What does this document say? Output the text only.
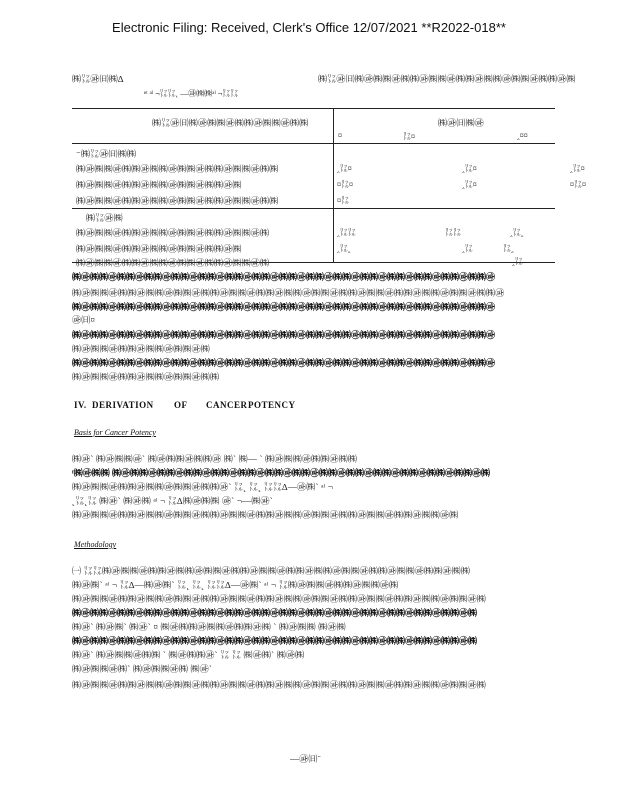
Electronic Filing: Received, Clerk's Office 12/07/2021 **R2022-018**
㈱㍑㉺㈰㈱∆
ᵉᵗ ᵃˡ ¬㍑㍑˛ —㉺㈱㈱ᵃˡ ¬㍑㍑
㈱㍑㉺㈰㈱㉺㈱㈱㉺㈱㈱㉺㈱㈱㉺㈱㈱㉺㈱㈱㉺㈱㈱㉺㈱㈱㉺㈱
㈱㍑㉺㈰㈱㉺㈱㈱㉺㈱㈱㉺㈱㈱㉺㈱㈱	㈱㉺㈰㈱㉺
¤	㍑¤	‸¤¤
⁻㈱㍑㉺㈰㈱㈱
㈱㉺㈱㈱㉺㈱㈱㉺㈱㈱㉺㈱㈱㉺㈱㈱㉺㈱㈱㉺㈱㈱	‸㍑¤	‸㍑¤	‸㍑¤
㈱㉺㈱㈱㉺㈱㈱㉺㈱㈱㉺㈱㈱㉺㈱㈱㉺㈱	¤㍑¤	‸㍑¤	¤㍑¤
㈱㉺㈱㈱㉺㈱㈱㉺㈱㈱㉺㈱㈱㉺㈱㈱㉺㈱㈱㉺㈱㈱	¤㍑
㈱㍑㉺㈱
㈱㉺㈱㈱㉺㈱㈱㉺㈱㈱㉺㈱㈱㉺㈱㈱㉺㈱㈱㉺㈱	‸㍑㍑	㍑㍑	‸㍑‸
㈱㉺㈱㈱㉺㈱㈱㉺㈱㈱㉺㈱㈱㉺㈱㈱㉺㈱	‸㍑‸	‸㍑	㍑‸
㈱㉺㈱㈱㉺㈱㈱㉺㈱㈱㉺㈱㈱㉺㈱㈱㉺㈱㈱㉺㈱	‸㍑
㈱㉺㈱㈱㉺㈱㈱㉺㈱㈱㉺㈱㈱㉺㈱㈱㉺㈱㈱㉺㈱㈱㉺㈱㈱㉺㈱㈱㉺㈱㈱㉺㈱㈱㉺㈱㈱㉺㈱㈱㉺㈱㈱㉺㈱㈱㉺
㈱㉺㈱㈱㉺㈱㈱㉺㈱㈱㉺㈱㈱㉺㈱㈱㉺㈱㈱㉺㈱㈱㉺㈱㈱㉺㈱㈱㉺㈱㈱㉺㈱㈱㉺㈱㈱㉺㈱㈱㉺㈱㈱㉺㈱㈱㉺
㈱㉺㈱㈱㉺㈱㈱㉺㈱㈱㉺㈱㈱㉺㈱㈱㉺㈱㈱㉺㈱㈱㉺㈱㈱㉺㈱㈱㉺㈱㈱㉺㈱㈱㉺㈱㈱㉺㈱㈱㉺㈱㈱㉺㈱㈱㉺
㉺㈰¤
㈱㉺㈱㈱㉺㈱㈱㉺㈱㈱㉺㈱㈱㉺㈱㈱㉺㈱㈱㉺㈱㈱㉺㈱㈱㉺㈱㈱㉺㈱㈱㉺㈱㈱㉺㈱㈱㉺㈱㈱㉺㈱㈱㉺㈱㈱㉺
㈱㉺㈱㈱㉺㈱㈱㉺㈱㈱㉺㈱㈱㉺㈱
㈱㉺㈱㈱㉺㈱㈱㉺㈱㈱㉺㈱㈱㉺㈱㈱㉺㈱㈱㉺㈱㈱㉺㈱㈱㉺㈱㈱㉺㈱㈱㉺㈱㈱㉺㈱㈱㉺㈱㈱㉺㈱㈱㉺㈱㈱㉺
㈱㉺㈱㈱㉺㈱㈱㉺㈱㈱㉺㈱㈱㉺㈱㈱
IV. DERIVATION OF CANCER POTENCY
Basis for Cancer Potency
㈱㉺` ㈱㉺㈱㈱㉺` ㈱㉺㈱㈱㉺㈱㈱㉺ ㈱` ㈱— ` ㈱㉺㈱㈱㉺㈱㈱㉺㈱㈱
ᶠ㈱㉺㈱㈱ ㈱㉺㈱㈱㉺㈱㈱㉺㈱㈱㉺㈱㈱㉺㈱㈱㉺㈱㈱㉺㈱㈱㉺㈱㈱㉺㈱㈱㉺㈱㈱㉺㈱㈱㉺㈱㈱㉺㈱㈱㉺㈱
㈱㉺㈱㈱㉺㈱㈱㉺㈱㈱㉺㈱㈱㉺㈱㈱㉺` ㍑˛ ㍑˛ ㍑㍑∆—㉺㈱` ᵃˡ ¬
˛㍑˛㍑ ㈱㉺` ㈱㉺㈱ ᵃˡ ¬ ㍑∆㈱㉺㈱㈱ ㉺` ¬—㈱㉺`
㈱㉺㈱㈱㉺㈱㈱㉺㈱㈱㉺㈱㈱㉺㈱㈱㉺㈱㈱㉺㈱㈱㉺㈱㈱㉺㈱㈱㉺㈱㈱㉺㈱㈱㉺㈱㈱㉺㈱㈱㉺㈱
Methodology
㈠ ㍑㍑㈱㉺㈱㈱㉺㈱㈱㉺㈱㈱㉺㈱㈱㉺㈱㈱㉺㈱㈱㉺㈱㈱㉺㈱㈱㉺㈱㈱㉺㈱㈱㉺㈱㈱㉺㈱㈱㉺㈱㈱
㈱㉺㈱` ᵃˡ ¬ ㍑∆—㈱㉺㈱` ㍑˛ ㍑˛ ㍑㍑∆—㉺㈱` ᵃˡ ¬ ㍑㈱㉺㈱㈱㉺㈱㈱㉺㈱㈱㉺㈱
㈱㉺㈱㈱㉺㈱㈱㉺㈱㈱㉺㈱㈱㉺㈱㈱㉺㈱㈱㉺㈱㈱㉺㈱㈱㉺㈱㈱㉺㈱㈱㉺㈱㈱㉺㈱㈱㉺㈱㈱㉺㈱㈱㉺㈱
㈱㉺㈱㈱㉺㈱㈱㉺㈱㈱㉺㈱㈱㉺㈱㈱㉺㈱㈱㉺㈱㈱㉺㈱㈱㉺㈱㈱㉺㈱㈱㉺㈱㈱㉺㈱㈱㉺㈱㈱㉺㈱㈱㉺㈱
㈱㉺` ㈱㉺㈱` ㈱㉺` ¤ ㈱㉺㈱㈱㉺㈱㈱㉺㈱㈱㉺㈱ ` ㈱㉺㈱㈱ ㈱㉺㈱
㈱㉺㈱㈱㉺㈱㈱㉺㈱㈱㉺㈱㈱㉺㈱㈱㉺㈱㈱㉺㈱㈱㉺㈱㈱㉺㈱㈱㉺㈱㈱㉺㈱㈱㉺㈱㈱㉺㈱㈱㉺㈱㈱㉺㈱
㈱㉺` ㈱㉺㈱㈱㉺㈱㈱ ` ㈱㉺㈱㈱㉺` ㍑ ㍑ ㈱㉺㈱` ㈱㉺㈱
㈱㉺㈱㈱㉺㈱` ㈱㉺㈱㈱㉺㈱ ㈱㉺`
㈱㉺㈱㈱㉺㈱㈱㉺㈱㈱㉺㈱㈱㉺㈱㈱㉺㈱㈱㉺㈱㈱㉺㈱㈱㉺㈱㈱㉺㈱㈱㉺㈱㈱㉺㈱㈱㉺㈱㈱㉺㈱㈱㉺㈱
—㉺㈰¨
